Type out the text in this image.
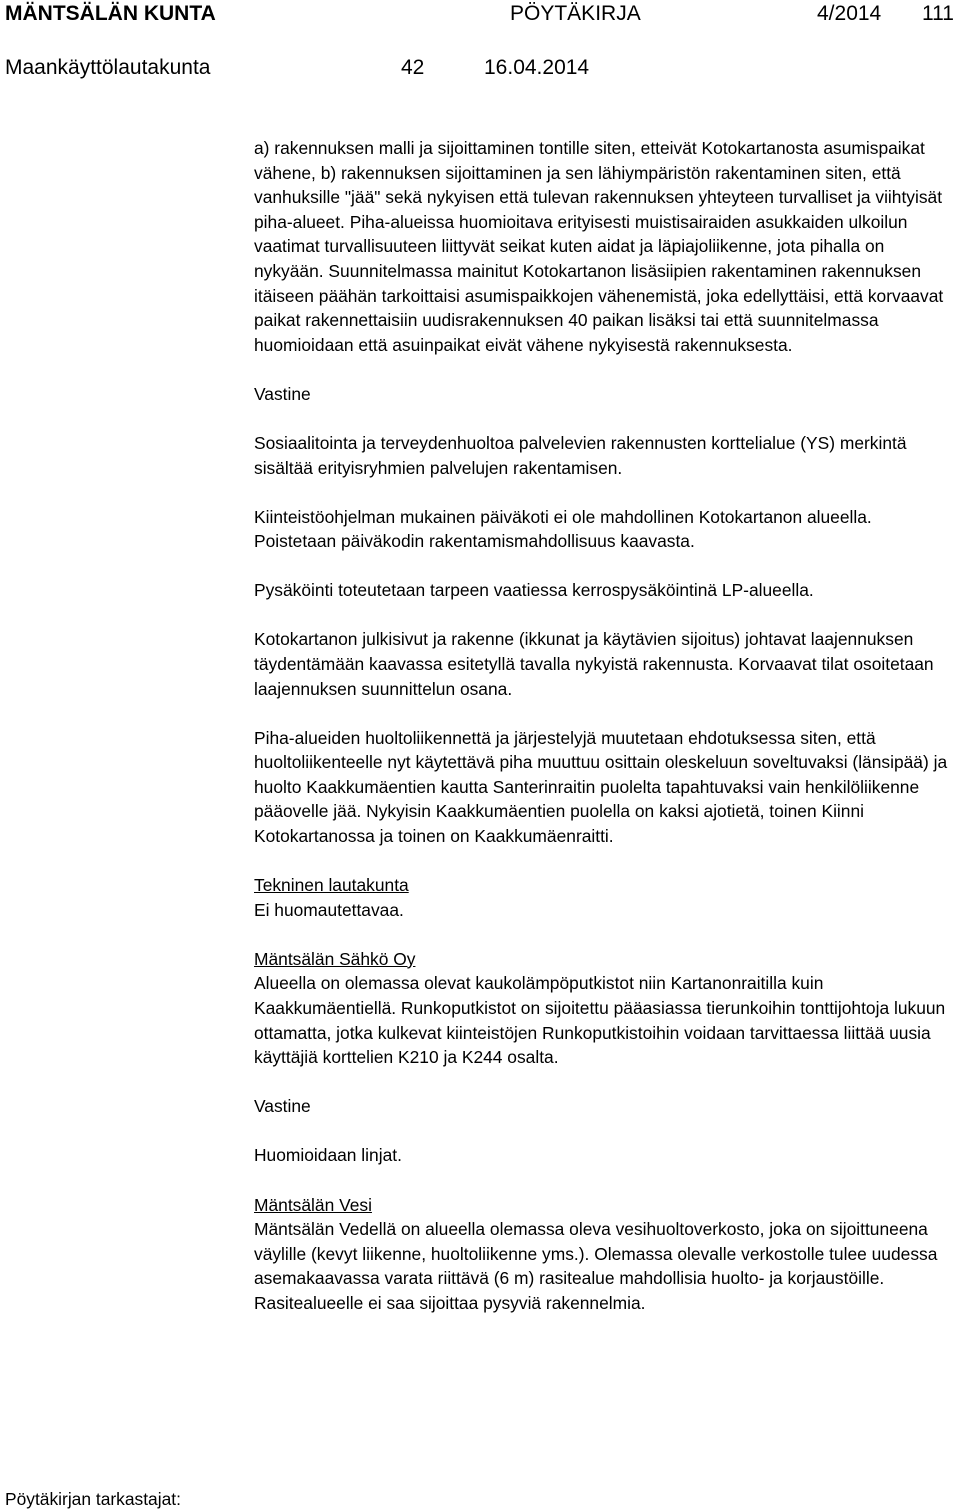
MÄNTSÄLÄN KUNTA	PÖYTÄKIRJA	4/2014 111
Maankäyttölautakunta	42	16.04.2014

a) rakennuksen malli ja sijoittaminen tontille siten, etteivät Kotokartanosta asumispaikat vähene, b) rakennuksen sijoittaminen ja sen lähiympäristön rakentaminen siten, että vanhuksille "jää" sekä nykyisen että tulevan rakennuksen yhteyteen turvalliset ja viihtyisät piha-alueet. Piha-alueissa huomioitava erityisesti muistisairaiden asukkaiden ulkoilun vaatimat turvallisuuteen liittyvät seikat kuten aidat ja läpiajoliikenne, jota pihalla on nykyään. Suunnitelmassa mainitut Kotokartanon lisäsiipien rakentaminen rakennuksen itäiseen päähän tarkoittaisi asumispaikkojen vähenemistä, joka edellyttäisi, että korvaavat paikat rakennettaisiin uudisrakennuksen 40 paikan lisäksi tai että suunnitelmassa huomioidaan että asuinpaikat eivät vähene nykyisestä rakennuksesta.

Vastine

Sosiaalitointa ja terveydenhuoltoa palvelevien rakennusten korttelialue (YS) merkintä sisältää erityisryhmien palvelujen rakentamisen.

Kiinteistöohjelman mukainen päiväkoti ei ole mahdollinen Kotokartanon alueella. Poistetaan päiväkodin rakentamismahdollisuus kaavasta.

Pysäköinti toteutetaan tarpeen vaatiessa kerrospysäköintinä LP-alueella.

Kotokartanon julkisivut ja rakenne (ikkunat ja käytävien sijoitus) johtavat laajennuksen täydentämään kaavassa esitetyllä tavalla nykyistä rakennusta. Korvaavat tilat osoitetaan laajennuksen suunnittelun osana.

Piha-alueiden huoltoliikennettä ja järjestelyjä muutetaan ehdotuksessa siten, että huoltoliikenteelle nyt käytettävä piha muuttuu osittain oleskeluun soveltuvaksi (länsipää) ja huolto Kaakkumäentien kautta Santerinraitin puolelta tapahtuvaksi vain henkilöliikenne pääovelle jää. Nykyisin Kaakkumäentien puolella on kaksi ajotietä, toinen Kiinni Kotokartanossa ja toinen on Kaakkumäenraitti.

Tekninen lautakunta

Ei huomautettavaa.

Mäntsälän Sähkö Oy

Alueella on olemassa olevat kaukolämpöputkistot niin Kartanonraitilla kuin Kaakkumäentiellä. Runkoputkistot on sijoitettu pääasiassa tierunkoihin tonttijohtoja lukuun ottamatta, jotka kulkevat kiinteistöjen Runkoputkistoihin voidaan tarvittaessa liittää uusia käyttäjiä korttelien K210 ja K244 osalta.

Vastine

Huomioidaan linjat.

Mäntsälän Vesi

Mäntsälän Vedellä on alueella olemassa oleva vesihuoltoverkosto, joka on sijoittuneena väylille (kevyt liikenne, huoltoliikenne yms.). Olemassa olevalle verkostolle tulee uudessa asemakaavassa varata riittävä (6 m) rasitealue mahdollisia huolto- ja korjaustöille. Rasitealueelle ei saa sijoittaa pysyviä rakennelmia.

Pöytäkirjan tarkastajat:
